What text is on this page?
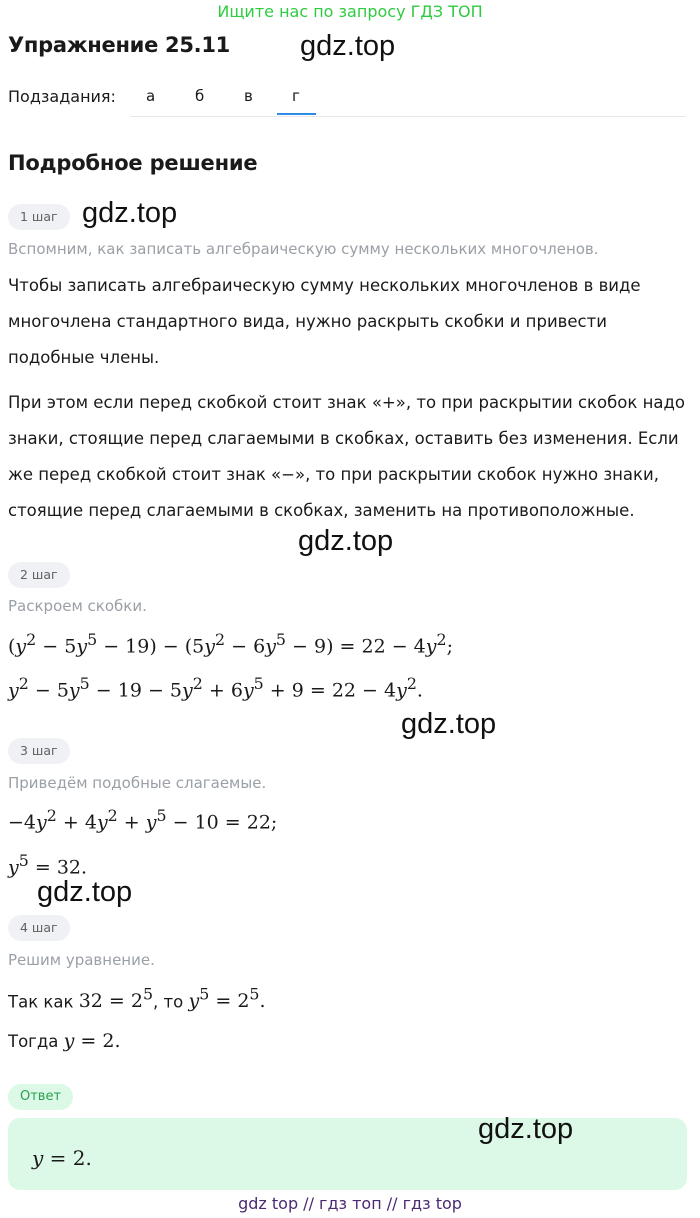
Ищите нас по запросу ГДЗ ТОП
Упражнение 25.11 gdz.top
Подзадания: а	б	в	г
Подробное решение
1 шаг gdz.top
Вспомним, как записать алгебраическую сумму нескольких многочленов.
Чтобы записать алгебраическую сумму нескольких многочленов в виде многочлена стандартного вида, нужно раскрыть скобки и привести подобные члены.
При этом если перед скобкой стоит знак «+», то при раскрытии скобок надо знаки, стоящие перед слагаемыми в скобках, оставить без изменения. Если же перед скобкой стоит знак «−», то при раскрытии скобок нужно знаки, стоящие перед слагаемыми в скобках, заменить на противоположные.
gdz.top
2 шаг
Раскроем скобки.
$(y^2 - 5y^5 - 19) - (5y^2 - 6y^5 - 9) = 22 - 4y^2$;
$y^2 - 5y^5 - 19 - 5y^2 + 6y^5 + 9 = 22 - 4y^2$.
gdz.top
3 шаг
Приведём подобные слагаемые.
$-4y^2 + 4y^2 + y^5 - 10 = 22$;
$y^5 = 32$.
gdz.top
4 шаг
Решим уравнение.
Так как $32 = 2^5$, то $y^5 = 2^5$.
Тогда y = 2.
Ответ
y = 2.
gdz.top
gdz top // гдз топ // гдз top
